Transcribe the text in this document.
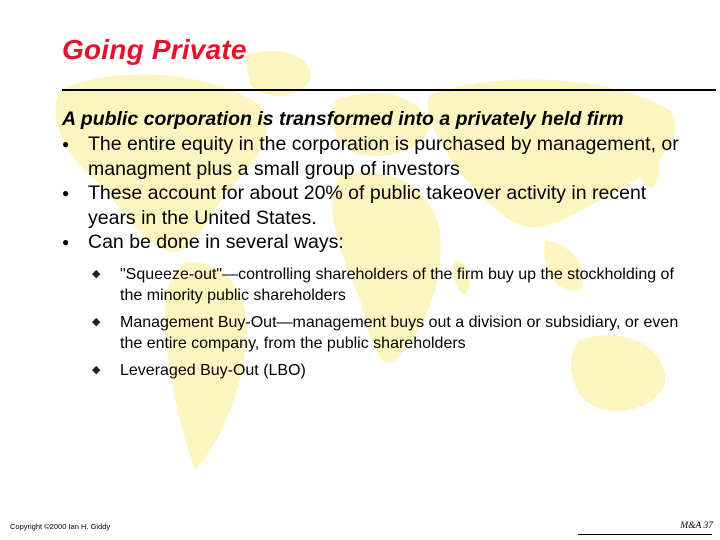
Going Private

A public corporation is transformed into a privately held firm

● The entire equity in the corporation is purchased by management, or managment plus a small group of investors
● These account for about 20% of public takeover activity in recent years in the United States.
● Can be done in several ways:
◆ "Squeeze-out"—controlling shareholders of the firm buy up the stockholding of the minority public shareholders
◆ Management Buy-Out—management buys out a division or subsidiary, or even the entire company, from the public shareholders
◆ Leveraged Buy-Out (LBO)
Copyright ©2000 Ian H. Giddy	M&A 37
